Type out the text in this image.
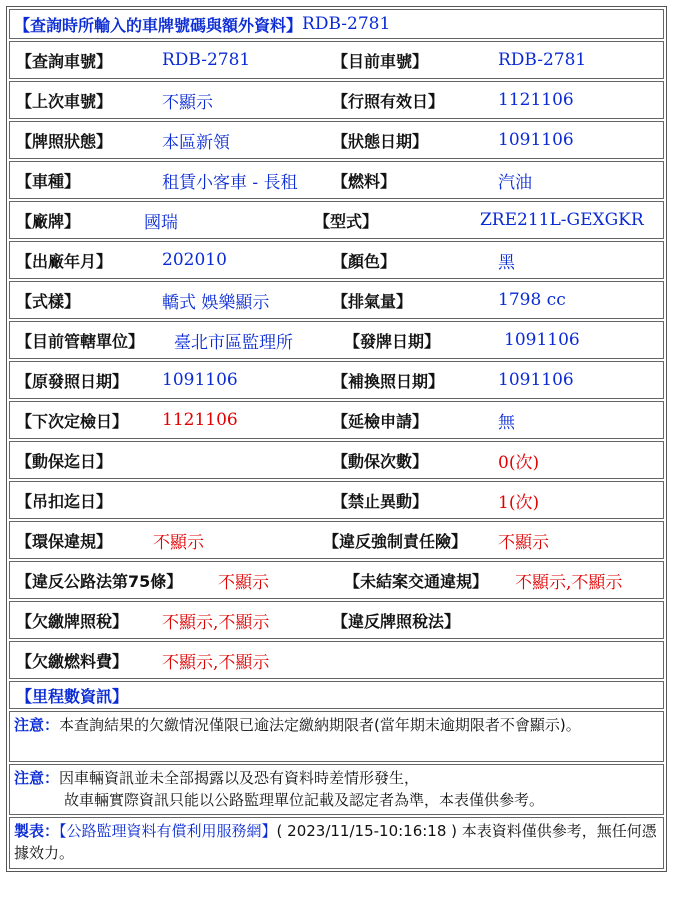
【查詢時所輸入的車牌號碼與額外資料】 RDB-2781
【查詢車號】	RDB-2781	【目前車號】	RDB-2781
【上次車號】	不顯示	【行照有效日】	1121106
【牌照狀態】	本區新領	【狀態日期】	1091106
【車種】	租賃小客車 - 長租 【燃料】	汽油
【廠牌】	國瑞	【型式】	ZRE211L-GEXGKR
【出廠年月】	202010	【顏色】	黑
【式樣】	轎式 娛樂顯示	【排氣量】	1798 cc
【目前管轄單位】 臺北市區監理所	【發牌日期】	1091106
【原發照日期】 1091106	【補換照日期】	1091106
【下次定檢日】 1121106	【延檢申請】	無
【動保迄日】	【動保次數】	0(次)
【吊扣迄日】	【禁止異動】	1(次)
【環保違規】 不顯示	【違反強制責任險】 不顯示
【違反公路法第75條】 不顯示	【未結案交通違規】 不顯示,不顯示
【欠繳牌照稅】 不顯示,不顯示	【違反牌照稅法】
【欠繳燃料費】 不顯示,不顯示
【里程數資訊】
注意：本查詢結果的欠繳情況僅限已逾法定繳納期限者(當年期末逾期限者不會顯示)。
注意：因車輛資訊並未全部揭露以及恐有資料時差情形發生，
故車輛實際資訊只能以公路監理單位記載及認定者為準，本表僅供參考。
製表：【公路監理資料有償利用服務網】( 2023/11/15-10:16:18 ) 本表資料僅供參考，無任何憑據效力。
